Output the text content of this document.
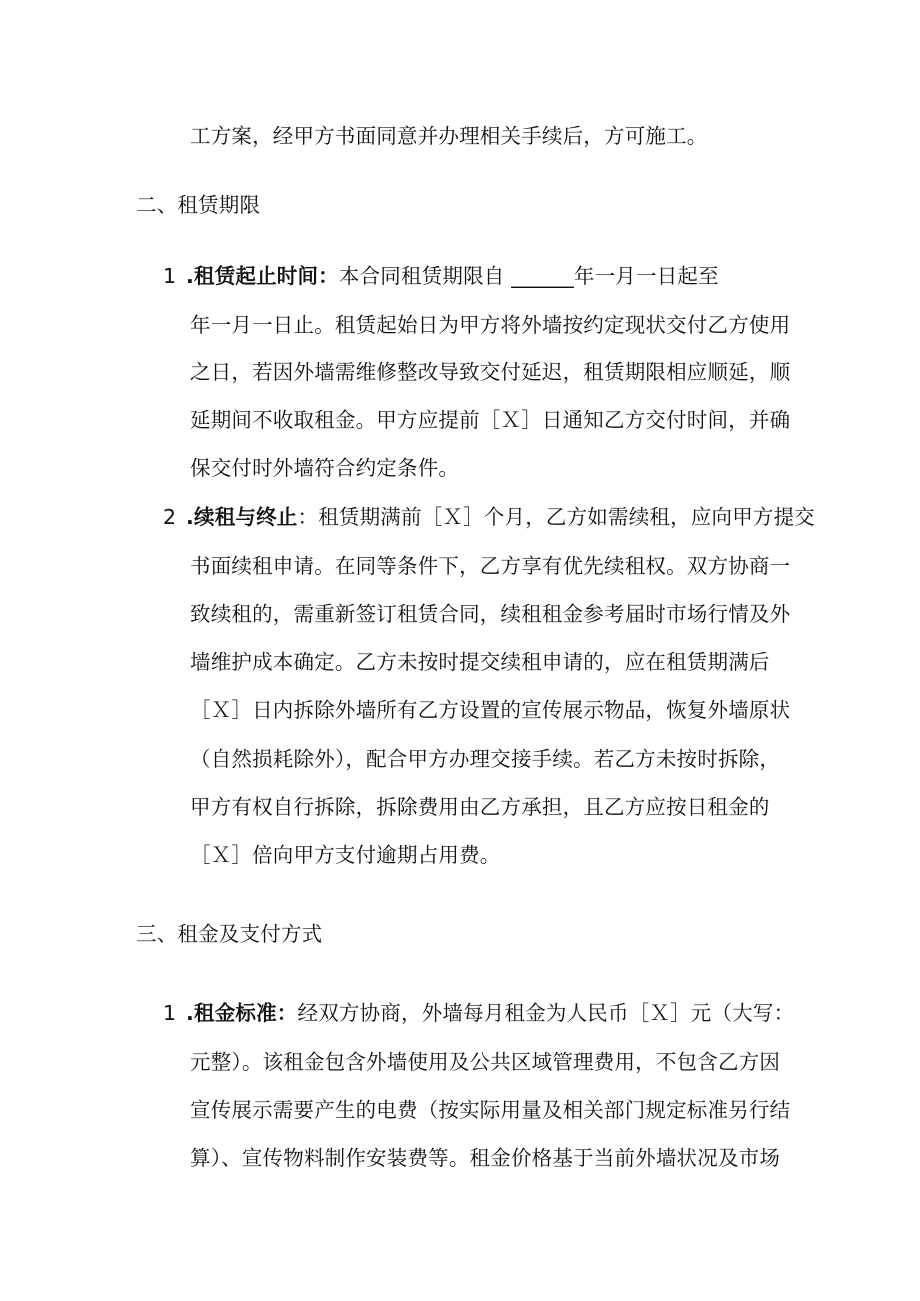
工方案，经甲方书面同意并办理相关手续后，方可施工。
二、租赁期限
1 .租赁起止时间：本合同租赁期限自 ______年一月一日起至
年一月一日止。租赁起始日为甲方将外墙按约定现状交付乙方使用
之日，若因外墙需维修整改导致交付延迟，租赁期限相应顺延，顺
延期间不收取租金。甲方应提前［Ｘ］日通知乙方交付时间，并确
保交付时外墙符合约定条件。
2 .续租与终止：租赁期满前［Ｘ］个月，乙方如需续租，应向甲方提交
书面续租申请。在同等条件下，乙方享有优先续租权。双方协商一
致续租的，需重新签订租赁合同，续租租金参考届时市场行情及外
墙维护成本确定。乙方未按时提交续租申请的，应在租赁期满后
［Ｘ］日内拆除外墙所有乙方设置的宣传展示物品，恢复外墙原状
（自然损耗除外），配合甲方办理交接手续。若乙方未按时拆除，
甲方有权自行拆除，拆除费用由乙方承担，且乙方应按日租金的
［Ｘ］倍向甲方支付逾期占用费。
三、租金及支付方式
1 .租金标准：经双方协商，外墙每月租金为人民币［Ｘ］元（大写：
元整）。该租金包含外墙使用及公共区域管理费用，不包含乙方因
宣传展示需要产生的电费（按实际用量及相关部门规定标准另行结
算）、宣传物料制作安装费等。租金价格基于当前外墙状况及市场
